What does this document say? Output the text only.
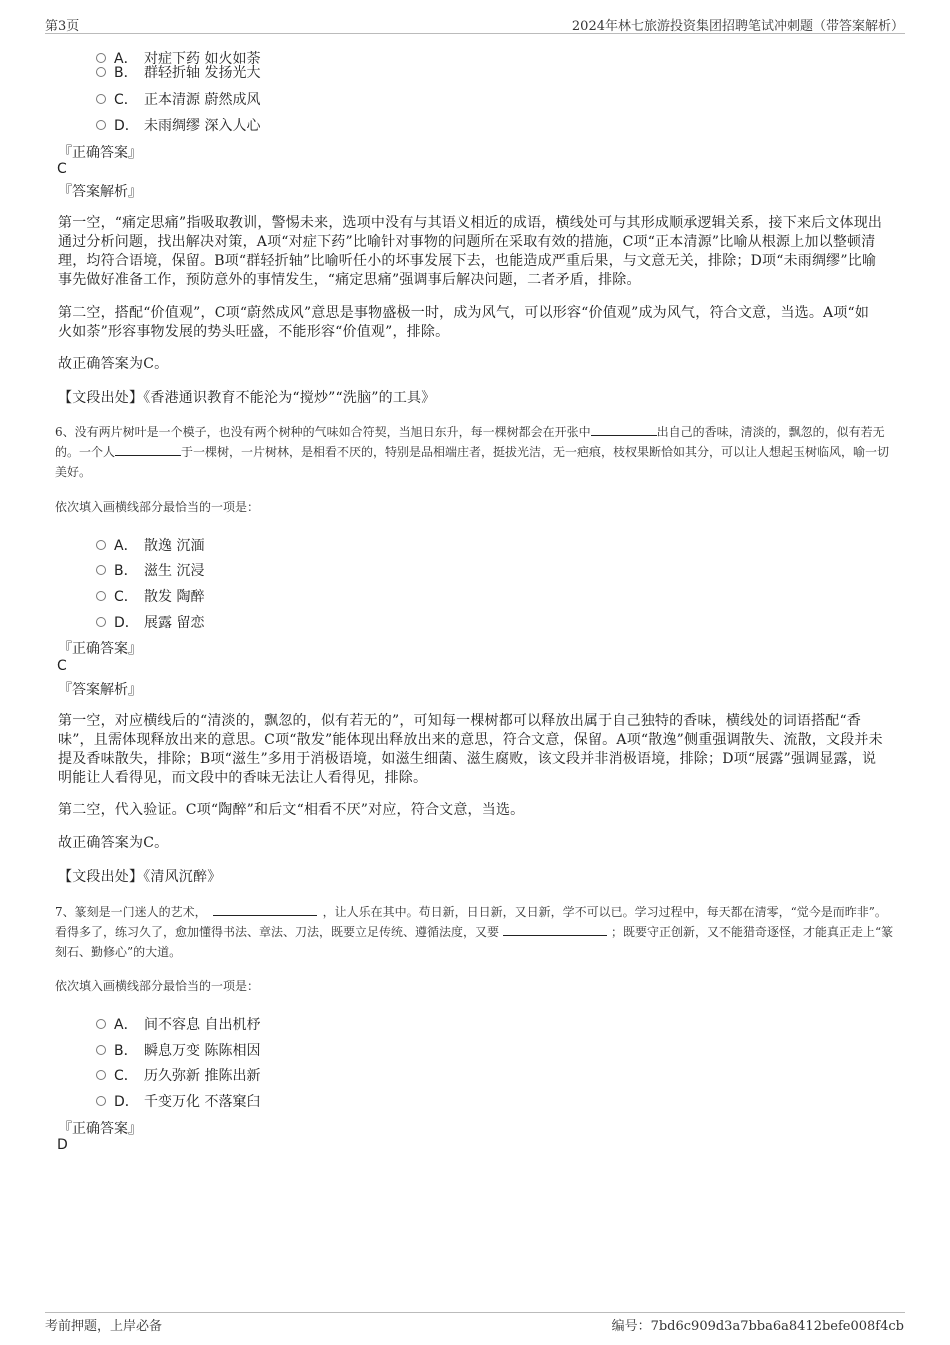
第3页	2024年林七旅游投资集团招聘笔试冲刺题（带答案解析）
A． 对症下药 如火如荼
B． 群轻折轴 发扬光大
C． 正本清源 蔚然成风
D． 未雨绸缪 深入人心
『正确答案』
C
『答案解析』
第一空，“痛定思痛”指吸取教训，警惕未来，选项中没有与其语义相近的成语，横线处可与其形成顺承逻辑关系，接下来后文体现出通过分析问题，找出解决对策，A项“对症下药”比喻针对事物的问题所在采取有效的措施，C项“正本清源”比喻从根源上加以整顿清理，均符合语境，保留。B项“群轻折轴”比喻听任小的坏事发展下去，也能造成严重后果，与文意无关，排除；D项“未雨绸缪”比喻事先做好准备工作，预防意外的事情发生，“痛定思痛”强调事后解决问题，二者矛盾，排除。
第二空，搭配“价值观”，C项“蔚然成风”意思是事物盛极一时，成为风气，可以形容“价值观”成为风气，符合文意，当选。A项“如火如荼”形容事物发展的势头旺盛，不能形容“价值观”，排除。
故正确答案为C。
【文段出处】《香港通识教育不能沦为“搅炒”“洗脑”的工具》
6、没有两片树叶是一个模子，也没有两个树种的气味如合符契，当旭日东升，每一棵树都会在开张中	出自己的香味，清淡的，飘忽的，似有若无的。一个人	于一棵树，一片树林，是相看不厌的，特别是品相端庄者，挺拔光洁，无一疤痕，枝杈果断恰如其分，可以让人想起玉树临风，喻一切美好。
依次填入画横线部分最恰当的一项是：
A． 散逸 沉湎
B． 滋生 沉浸
C． 散发 陶醉
D． 展露 留恋
『正确答案』
C
『答案解析』
第一空，对应横线后的“清淡的，飘忽的，似有若无的”，可知每一棵树都可以释放出属于自己独特的香味，横线处的词语搭配“香味”，且需体现释放出来的意思。C项“散发”能体现出释放出来的意思，符合文意，保留。A项“散逸”侧重强调散失、流散，文段并未提及香味散失，排除；B项“滋生”多用于消极语境，如滋生细菌、滋生腐败，该文段并非消极语境，排除；D项“展露”强调显露，说明能让人看得见，而文段中的香味无法让人看得见，排除。
第二空，代入验证。C项“陶醉”和后文“相看不厌”对应，符合文意，当选。
故正确答案为C。
【文段出处】《清风沉醉》
7、篆刻是一门迷人的艺术，	，让人乐在其中。苟日新，日日新，又日新，学不可以已。学习过程中，每天都在清零，“觉今是而昨非”。看得多了，练习久了，愈加懂得书法、章法、刀法，既要立足传统、遵循法度，又要	；既要守正创新，又不能猎奇逐怪，才能真正走上“篆刻石、勤修心”的大道。
依次填入画横线部分最恰当的一项是：
A． 间不容息 自出机杼
B． 瞬息万变 陈陈相因
C． 历久弥新 推陈出新
D． 千变万化 不落窠臼
『正确答案』
D
考前押题，上岸必备	编号：7bd6c909d3a7bba6a8412befe008f4cb
